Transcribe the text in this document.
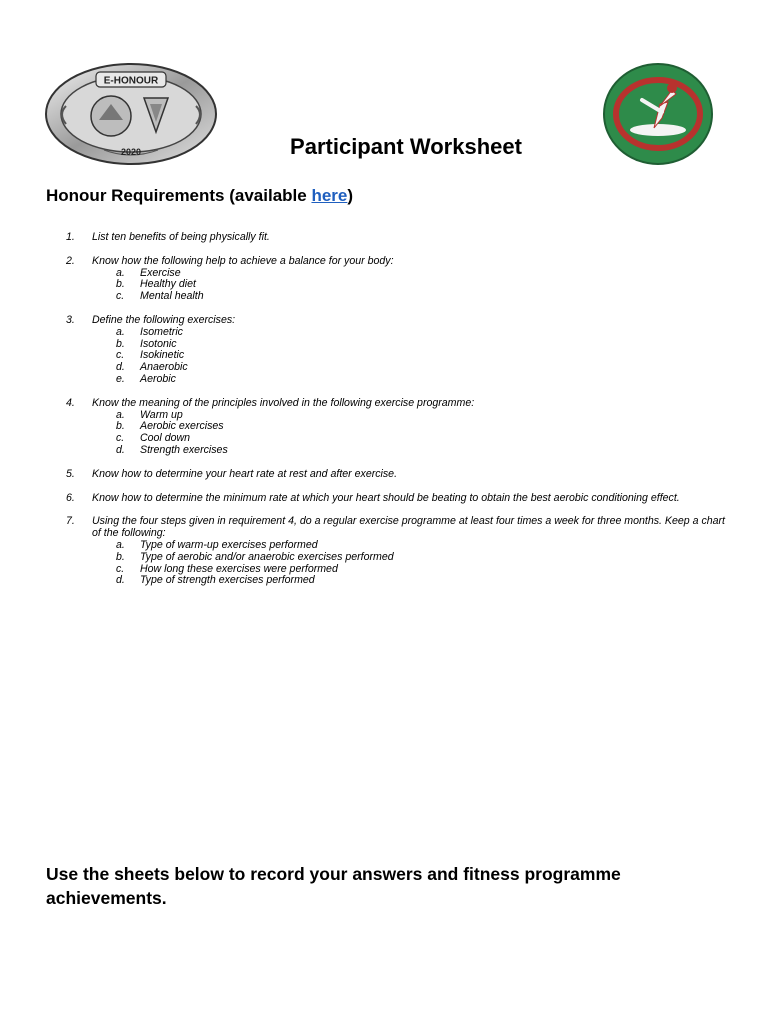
E-HONOUR
2020	Participant Worksheet
Honour Requirements (available here)
1.	List ten benefits of being physically fit.
2.	Know how the following help to achieve a balance for your body:
a.	Exercise
b.	Healthy diet
c.	Mental health
3.	Define the following exercises:
a.	Isometric
b.	Isotonic
c.	Isokinetic
d.	Anaerobic
e.	Aerobic
4.	Know the meaning of the principles involved in the following exercise programme:
a.	Warm up
b.	Aerobic exercises
c.	Cool down
d.	Strength exercises
5.	Know how to determine your heart rate at rest and after exercise.
6.	Know how to determine the minimum rate at which your heart should be beating to obtain the best aerobic conditioning effect.
7.	Using the four steps given in requirement 4, do a regular exercise programme at least four times a week for three months. Keep a chart of the following:
a.	Type of warm-up exercises performed
b.	Type of aerobic and/or anaerobic exercises performed
c.	How long these exercises were performed
d.	Type of strength exercises performed
Use the sheets below to record your answers and fitness programme achievements.
